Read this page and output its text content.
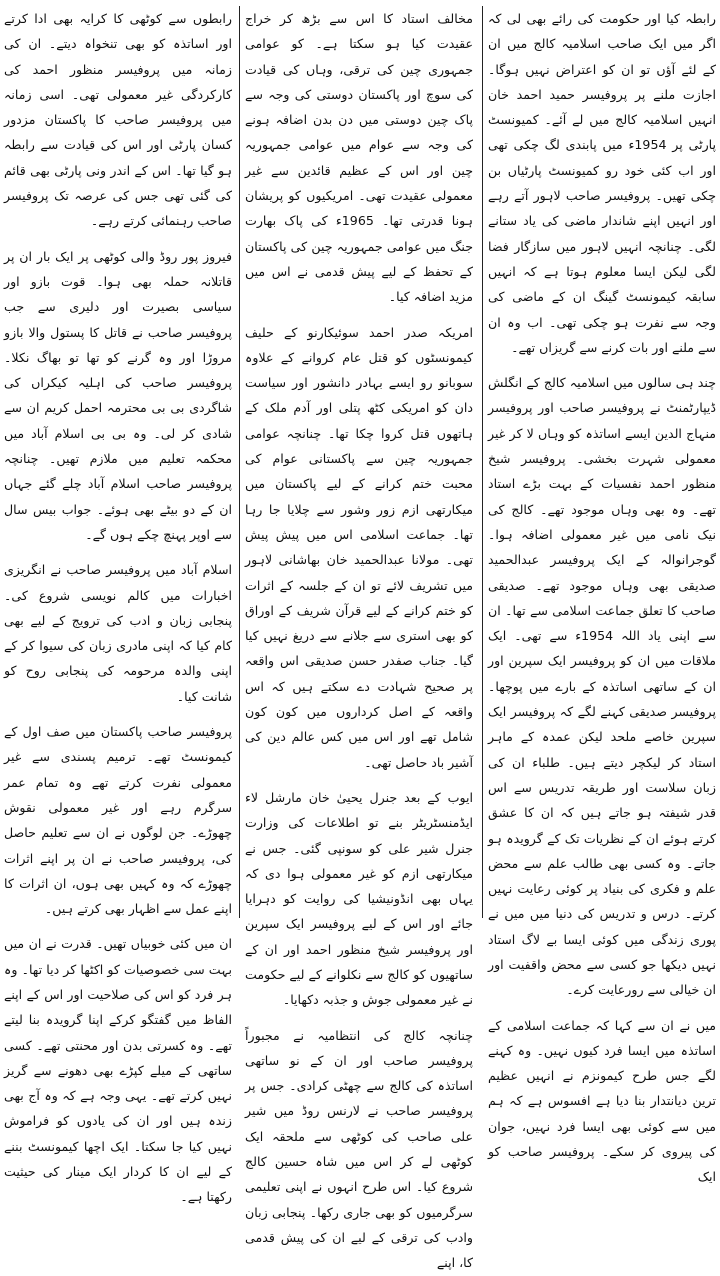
رابطہ کیا اور حکومت کی رائے بھی لی کہ اگر میں ایک صاحب اسلامیہ کالج میں ان کے لئے آؤں تو ان کو اعتراض نہیں ہوگا۔ اجازت ملنے پر پروفیسر حمید احمد خان انہیں اسلامیہ کالج میں لے آئے۔ کمیونسٹ پارٹی پر 1954ء میں پابندی لگ چکی تھی اور اب کئی خود رو کمیونسٹ پارٹیاں بن چکی تھیں۔ پروفیسر صاحب لاہور آتے رہے اور انہیں اپنے شاندار ماضی کی یاد ستانے لگی۔ چنانچہ انہیں لاہور میں سازگار فضا لگی لیکن ایسا معلوم ہوتا ہے کہ انہیں سابقہ کیمونسٹ گینگ ان کے ماضی کی وجہ سے نفرت ہو چکی تھی۔ اب وہ ان سے ملنے اور بات کرنے سے گریزاں تھے۔

چند ہی سالوں میں اسلامیہ کالج کے انگلش ڈیپارٹمنٹ نے پروفیسر صاحب اور پروفیسر منہاج الدین ایسے اساتذہ کو وہاں لا کر غیر معمولی شہرت بخشی۔ پروفیسر شیخ منظور احمد نفسیات کے بہت بڑے استاد تھے۔ وہ بھی وہاں موجود تھے۔ کالج کی نیک نامی میں غیر معمولی اضافہ ہوا۔ گوجرانوالہ کے ایک پروفیسر عبدالحمید صدیقی بھی وہاں موجود تھے۔ صدیقی صاحب کا تعلق جماعت اسلامی سے تھا۔ ان سے اپنی یاد اللہ 1954ء سے تھی۔ ایک ملاقات میں ان کو پروفیسر ایک سپرین اور ان کے ساتھی اساتذہ کے بارے میں پوچھا۔ پروفیسر صدیقی کہنے لگے کہ پروفیسر ایک سپرین خاصے ملحد لیکن عمدہ کے ماہر استاد کر لیکچر دیتے ہیں۔ طلباء ان کی زبان سلاست اور طریقہ تدریس سے اس قدر شیفتہ ہو جاتے ہیں کہ ان کا عشق کرتے ہوئے ان کے نظریات تک کے گرویدہ ہو جاتے۔ وہ کسی بھی طالب علم سے محض علم و فکری کی بنیاد پر کوئی رعایت نہیں کرتے۔ درس و تدریس کی دنیا میں میں نے پوری زندگی میں کوئی ایسا بے لاگ استاد نہیں دیکھا جو کسی سے محض واقفیت اور ان خیالی سے رورعایت کرے۔

میں نے ان سے کہا کہ جماعت اسلامی کے اساتذہ میں ایسا فرد کیوں نہیں۔ وہ کہنے لگے جس طرح کیمونزم نے انہیں عظیم ترین دیانتدار بنا دیا ہے افسوس ہے کہ ہم میں سے کوئی بھی ایسا فرد نہیں، جوان کی پیروی کر سکے۔ پروفیسر صاحب کو ایک

مخالف استاد کا اس سے بڑھ کر خراج عقیدت کیا ہو سکتا ہے۔ کو عوامی جمہوری چین کی ترقی، وہاں کی قیادت کی سوچ اور پاکستان دوستی کی وجہ سے پاک چین دوستی میں دن بدن اضافہ ہونے کی وجہ سے عوام میں عوامی جمہوریہ چین اور اس کے عظیم قائدین سے غیر معمولی عقیدت تھی۔ امریکیوں کو پریشان ہونا قدرتی تھا۔ 1965ء کی پاک بھارت جنگ میں عوامی جمہوریہ چین کی پاکستان کے تحفظ کے لیے پیش قدمی نے اس میں مزید اضافہ کیا۔

امریکہ صدر احمد سوئیکارنو کے حلیف کیمونسٹوں کو قتل عام کروانے کے علاوہ سوبانو رو ایسے بہادر دانشور اور سیاست دان کو امریکی کٹھ پتلی اور آدم ملک کے ہاتھوں قتل کروا چکا تھا۔ چنانچہ عوامی جمہوریہ چین سے پاکستانی عوام کی محبت ختم کرانے کے لیے پاکستان میں میکارتھی ازم زور وشور سے چلایا جا رہا تھا۔ جماعت اسلامی اس میں پیش پیش تھی۔ مولانا عبدالحمید خان بھاشانی لاہور میں تشریف لائے تو ان کے جلسہ کے اثرات کو ختم کرانے کے لیے قرآن شریف کے اوراق کو بھی استری سے جلانے سے دریغ نہیں کیا گیا۔ جناب صفدر حسن صدیقی اس واقعہ پر صحیح شہادت دے سکتے ہیں کہ اس واقعہ کے اصل کرداروں میں کون کون شامل تھے اور اس میں کس عالم دین کی آشیر باد حاصل تھی۔

ایوب کے بعد جنرل یحییٰ خان مارشل لاء ایڈمنسٹریٹر بنے تو اطلاعات کی وزارت جنرل شیر علی کو سونپی گئی۔ جس نے میکارتھی ازم کو غیر معمولی ہوا دی کہ یہاں بھی انڈونیشیا کی روایت کو دہرایا جائے اور اس کے لیے پروفیسر ایک سپرین اور پروفیسر شیخ منظور احمد اور ان کے ساتھیوں کو کالج سے نکلوانے کے لیے حکومت نے غیر معمولی جوش و جذبہ دکھایا۔

چنانچہ کالج کی انتظامیہ نے مجبوراً پروفیسر صاحب اور ان کے نو ساتھی اساتذہ کی کالج سے چھٹی کرادی۔ جس پر پروفیسر صاحب نے لارنس روڈ میں شیر علی صاحب کی کوٹھی سے ملحقہ ایک کوٹھی لے کر اس میں شاہ حسین کالج شروع کیا۔ اس طرح انہوں نے اپنی تعلیمی سرگرمیوں کو بھی جاری رکھا۔ پنجابی زبان وادب کی ترقی کے لیے ان کی پیش قدمی کا، اپنے

رابطوں سے کوٹھی کا کرایہ بھی ادا کرتے اور اساتذہ کو بھی تنخواہ دیتے۔ ان کی زمانہ میں پروفیسر منظور احمد کی کارکردگی غیر معمولی تھی۔ اسی زمانہ میں پروفیسر صاحب کا پاکستان مزدور کسان پارٹی اور اس کی قیادت سے رابطہ ہو گیا تھا۔ اس کے اندر ونی پارٹی بھی قائم کی گئی تھی جس کی عرصہ تک پروفیسر صاحب رہنمائی کرتے رہے۔

فیروز پور روڈ والی کوٹھی پر ایک بار ان پر قاتلانہ حملہ بھی ہوا۔ قوت بازو اور سیاسی بصیرت اور دلیری سے جب پروفیسر صاحب نے قاتل کا پستول والا بازو مروڑا اور وہ گرنے کو تھا تو بھاگ نکلا۔ پروفیسر صاحب کی اہلیہ کیکراں کی شاگردی بی بی محترمہ احمل کریم ان سے شادی کر لی۔ وہ بی بی اسلام آباد میں محکمہ تعلیم میں ملازم تھیں۔ چنانچہ پروفیسر صاحب اسلام آباد چلے گئے جہاں ان کے دو بیٹے بھی ہوئے۔ جواب بیس سال سے اوپر پہنچ چکے ہوں گے۔

اسلام آباد میں پروفیسر صاحب نے انگریزی اخبارات میں کالم نویسی شروع کی۔ پنجابی زبان و ادب کی ترویج کے لیے بھی کام کیا کہ اپنی مادری زبان کی سیوا کر کے اپنی والدہ مرحومہ کی پنجابی روح کو شانت کیا۔

پروفیسر صاحب پاکستان میں صف اول کے کیمونسٹ تھے۔ ترمیم پسندی سے غیر معمولی نفرت کرتے تھے وہ تمام عمر سرگرم رہے اور غیر معمولی نقوش چھوڑے۔ جن لوگوں نے ان سے تعلیم حاصل کی، پروفیسر صاحب نے ان پر اپنے اثرات چھوڑے کہ وہ کہیں بھی ہوں، ان اثرات کا اپنے عمل سے اظہار بھی کرتے ہیں۔

ان میں کئی خوبیاں تھیں۔ قدرت نے ان میں بہت سی خصوصیات کو اکٹھا کر دیا تھا۔ وہ ہر فرد کو اس کی صلاحیت اور اس کے اپنے الفاظ میں گفتگو کرکے اپنا گرویدہ بنا لیتے تھے۔ وہ کسرتی بدن اور محنتی تھے۔ کسی ساتھی کے میلے کپڑے بھی دھونے سے گریز نہیں کرتے تھے۔ یہی وجہ ہے کہ وہ آج بھی زندہ ہیں اور ان کی یادوں کو فراموش نہیں کیا جا سکتا۔ ایک اچھا کیمونسٹ بننے کے لیے ان کا کردار ایک مینار کی حیثیت رکھتا ہے۔
